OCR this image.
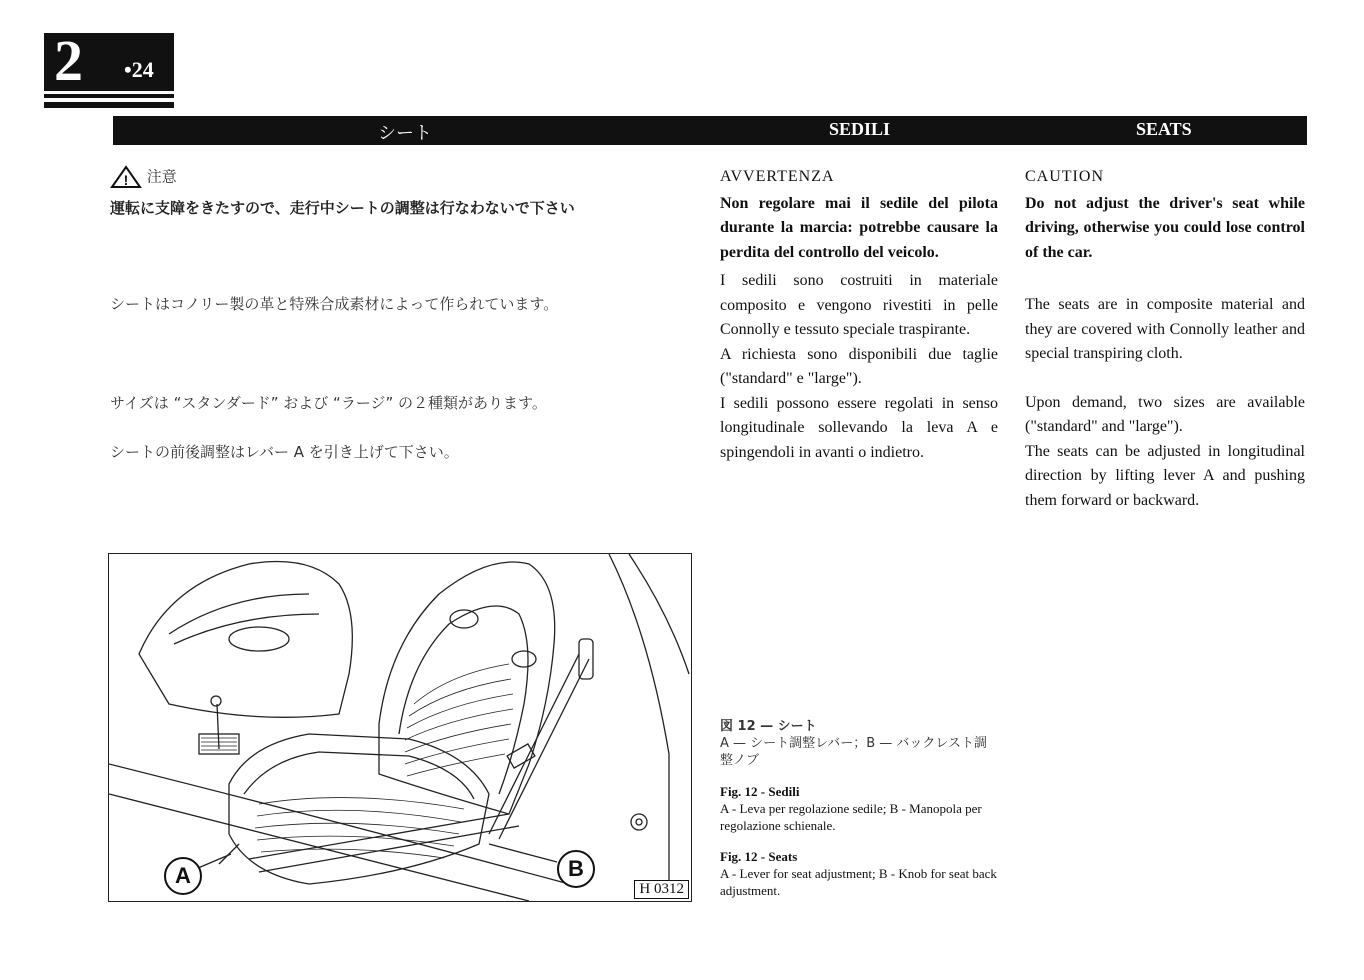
2 •24
シート	SEDILI	SEATS

! 注意

運転に支障をきたすので、走行中シートの調整は行なわないで下さい

シートはコノリー製の革と特殊合成素材によって作られています。

サイズは “スタンダード” および “ラージ” の２種類があります。

シートの前後調整はレバー A を引き上げて下さい。

AVVERTENZA

Non regolare mai il sedile del pilota durante la marcia: potrebbe causare la perdita del controllo del veicolo.

I sedili sono costruiti in materiale composito e vengono rivestiti in pelle Connolly e tessuto speciale traspirante.

A richiesta sono disponibili due taglie ("standard" e "large").

I sedili possono essere regolati in senso longitudinale sollevando la leva A e spingendoli in avanti o indietro.

CAUTION

Do not adjust the driver's seat while driving, otherwise you could lose control of the car.

The seats are in composite material and they are covered with Connolly leather and special transpiring cloth.

Upon demand, two sizes are available ("standard" and "large").

The seats can be adjusted in longitudinal direction by lifting lever A and pushing them forward or backward.

A	B
H 0312

図 12 — シート

A — シート調整レバー；B — バックレスト調整ノブ

Fig. 12 - Sedili

A - Leva per regolazione sedile; B - Manopola per regolazione schienale.

Fig. 12 - Seats

A - Lever for seat adjustment; B - Knob for seat back adjustment.
